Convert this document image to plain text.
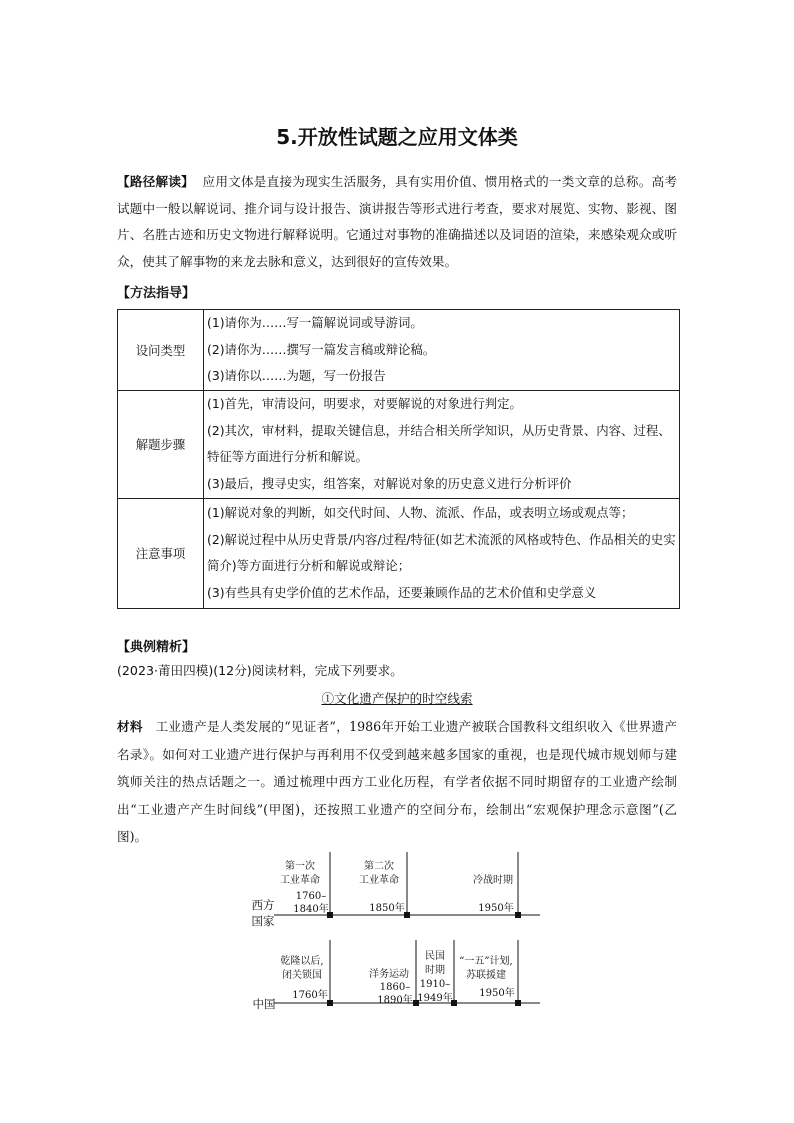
5.开放性试题之应用文体类
【路径解读】 应用文体是直接为现实生活服务，具有实用价值、惯用格式的一类文章的总称。高考试题中一般以解说词、推介词与设计报告、演讲报告等形式进行考查，要求对展览、实物、影视、图片、名胜古迹和历史文物进行解释说明。它通过对事物的准确描述以及词语的渲染，来感染观众或听众，使其了解事物的来龙去脉和意义，达到很好的宣传效果。
【方法指导】
设问类型	(1)请你为……写一篇解说词或导游词。
(2)请你为……撰写一篇发言稿或辩论稿。
(3)请你以……为题，写一份报告

解题步骤	(1)首先，审清设问，明要求，对要解说的对象进行判定。
(2)其次，审材料，提取关键信息，并结合相关所学知识，从历史背景、内容、过程、特征等方面进行分析和解说。
(3)最后，搜寻史实，组答案，对解说对象的历史意义进行分析评价

注意事项	(1)解说对象的判断，如交代时间、人物、流派、作品，或表明立场或观点等；
(2)解说过程中从历史背景/内容/过程/特征(如艺术流派的风格或特色、作品相关的史实简介)等方面进行分析和解说或辩论；
(3)有些具有史学价值的艺术作品，还要兼顾作品的艺术价值和史学意义
【典例精析】
(2023·莆田四模)(12分)阅读材料，完成下列要求。
①文化遗产保护的时空线索
材料 工业遗产是人类发展的“见证者”，1986年开始工业遗产被联合国教科文组织收入《世界遗产名录》。如何对工业遗产进行保护与再利用不仅受到越来越多国家的重视，也是现代城市规划师与建筑师关注的热点话题之一。通过梳理中西方工业化历程，有学者依据不同时期留存的工业遗产绘制出“工业遗产产生时间线”(甲图)，还按照工业遗产的空间分布，绘制出“宏观保护理念示意图”(乙图)。
第一次
工业革命
1760–
1840年
第二次
工业革命
1850年
冷战时期
1950年
西方
国家
乾隆以后,
闭关锁国
1760年
洋务运动
1860–
1890年
民国
时期
1910–
1949年
“一五”计划,
苏联援建
1950年
中国
